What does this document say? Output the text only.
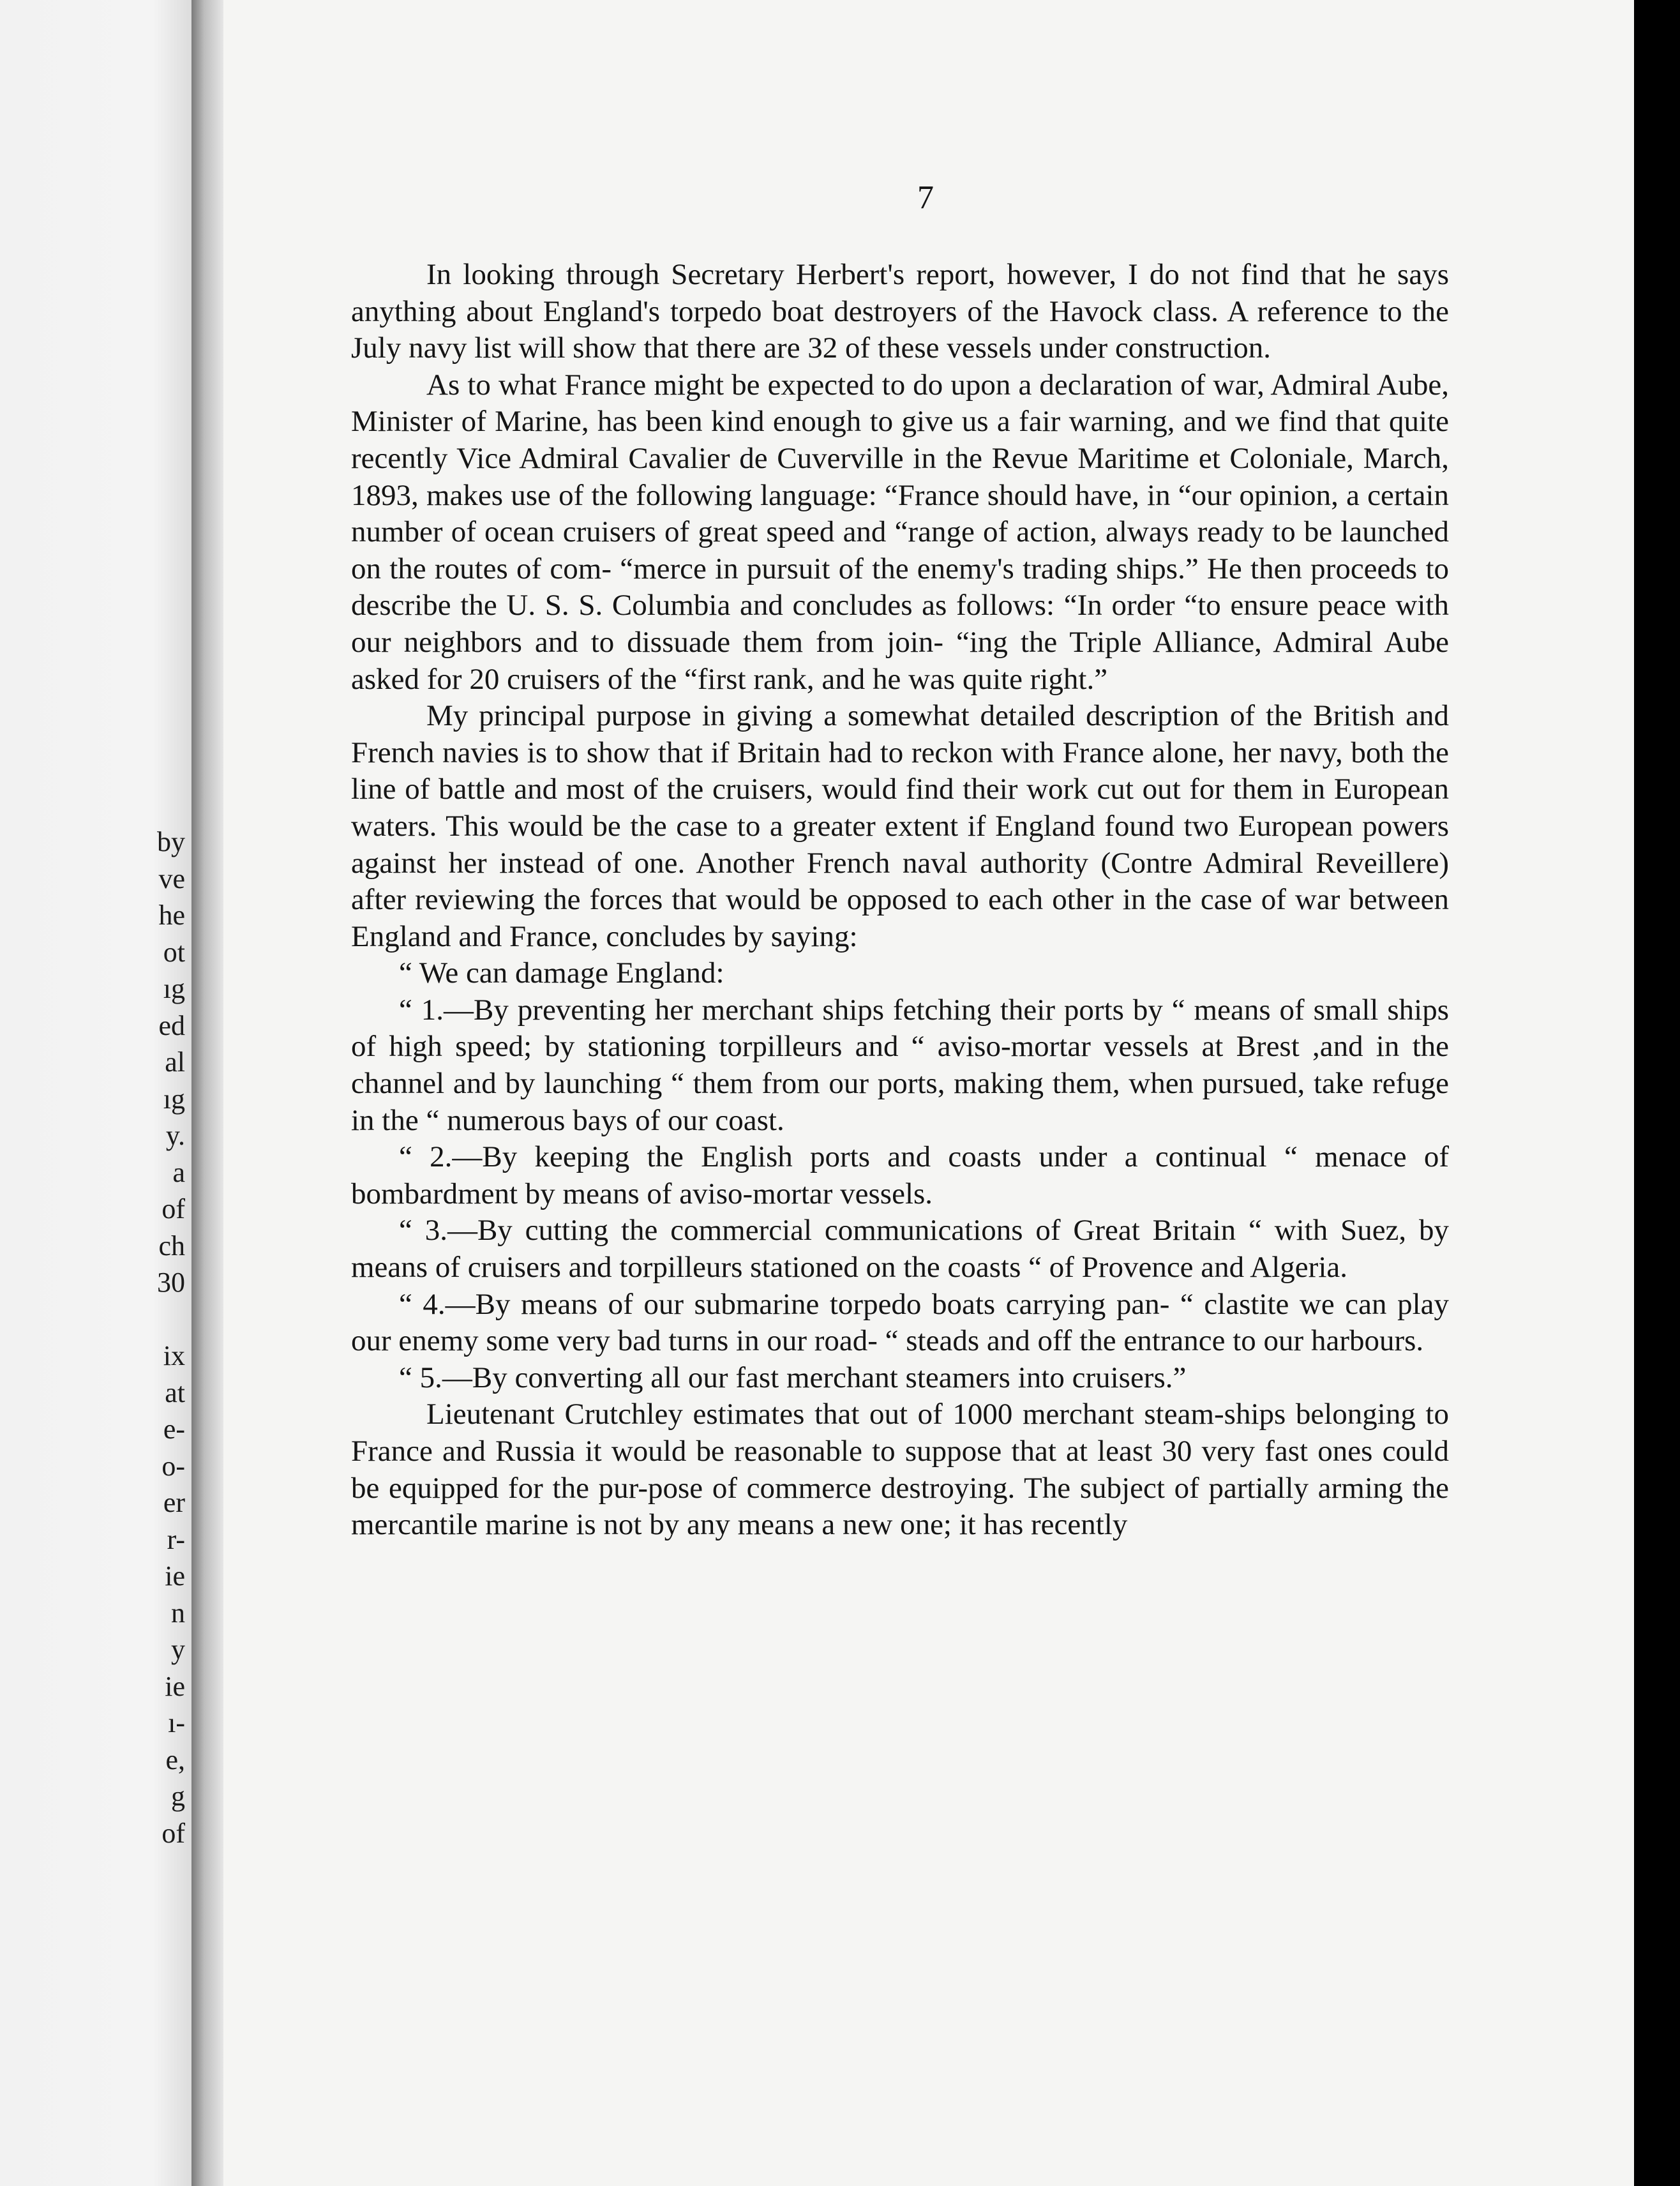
by
ve
he
ot
ıg
ed
al
ıg
y.
a
of
ch
30

ix
at
e-
o-
er
r-
ie
n
y
ie
ı-
e,
g
of
7

In looking through Secretary Herbert's report, however, I do not find that he says anything about England's torpedo boat destroyers of the Havock class. A reference to the July navy list will show that there are 32 of these vessels under construction.

As to what France might be expected to do upon a declaration of war, Admiral Aube, Minister of Marine, has been kind enough to give us a fair warning, and we find that quite recently Vice Admiral Cavalier de Cuverville in the Revue Maritime et Coloniale, March, 1893, makes use of the following language: “France should have, in “our opinion, a certain number of ocean cruisers of great speed and “range of action, always ready to be launched on the routes of com- “merce in pursuit of the enemy's trading ships.” He then proceeds to describe the U. S. S. Columbia and concludes as follows: “In order “to ensure peace with our neighbors and to dissuade them from join- “ing the Triple Alliance, Admiral Aube asked for 20 cruisers of the “first rank, and he was quite right.”

My principal purpose in giving a somewhat detailed description of the British and French navies is to show that if Britain had to reckon with France alone, her navy, both the line of battle and most of the cruisers, would find their work cut out for them in European waters. This would be the case to a greater extent if England found two European powers against her instead of one. Another French naval authority (Contre Admiral Reveillere) after reviewing the forces that would be opposed to each other in the case of war between England and France, concludes by saying:

“ We can damage England:

“ 1.—By preventing her merchant ships fetching their ports by “ means of small ships of high speed; by stationing torpilleurs and “ aviso-mortar vessels at Brest ,and in the channel and by launching “ them from our ports, making them, when pursued, take refuge in the “ numerous bays of our coast.

“ 2.—By keeping the English ports and coasts under a continual “ menace of bombardment by means of aviso-mortar vessels.

“ 3.—By cutting the commercial communications of Great Britain “ with Suez, by means of cruisers and torpilleurs stationed on the coasts “ of Provence and Algeria.

“ 4.—By means of our submarine torpedo boats carrying pan- “ clastite we can play our enemy some very bad turns in our road- “ steads and off the entrance to our harbours.

“ 5.—By converting all our fast merchant steamers into cruisers.”

Lieutenant Crutchley estimates that out of 1000 merchant steam-ships belonging to France and Russia it would be reasonable to suppose that at least 30 very fast ones could be equipped for the pur-pose of commerce destroying. The subject of partially arming the mercantile marine is not by any means a new one; it has recently
